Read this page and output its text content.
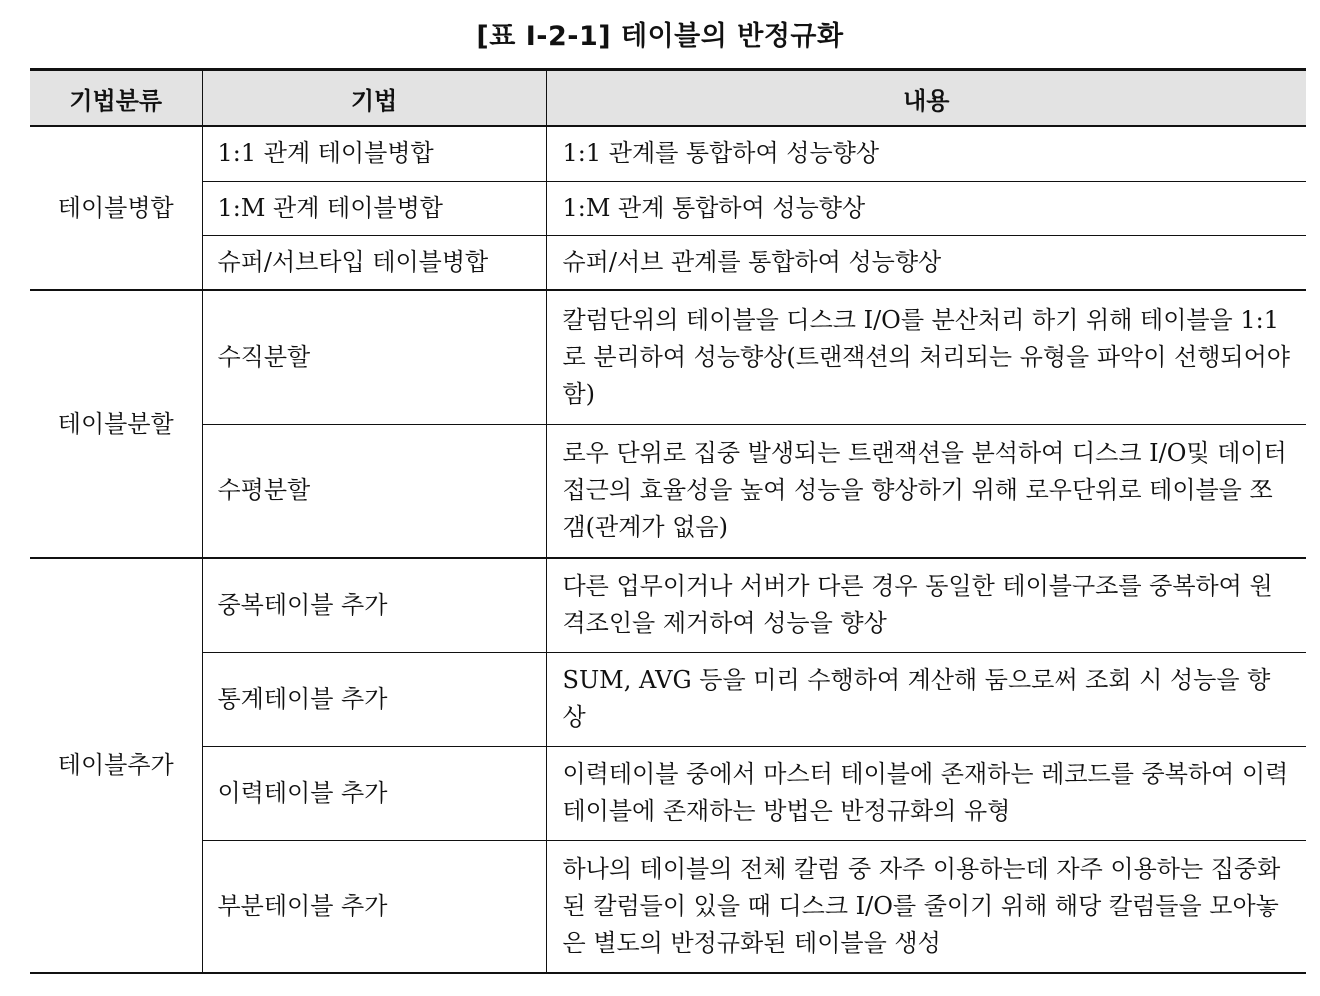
[표 Ⅰ-2-1] 테이블의 반정규화
기법분류	기법	내용
테이블병합	1:1 관계 테이블병합	1:1 관계를 통합하여 성능향상
	1:M 관계 테이블병합	1:M 관계 통합하여 성능향상
	슈퍼/서브타입 테이블병합	슈퍼/서브 관계를 통합하여 성능향상
테이블분할	수직분할	칼럼단위의 테이블을 디스크 I/O를 분산처리 하기 위해 테이블을 1:1로 분리하여 성능향상(트랜잭션의 처리되는 유형을 파악이 선행되어야 함)
	수평분할	로우 단위로 집중 발생되는 트랜잭션을 분석하여 디스크 I/O및 데이터접근의 효율성을 높여 성능을 향상하기 위해 로우단위로 테이블을 쪼갬(관계가 없음)
테이블추가	중복테이블 추가	다른 업무이거나 서버가 다른 경우 동일한 테이블구조를 중복하여 원격조인을 제거하여 성능을 향상
	통계테이블 추가	SUM, AVG 등을 미리 수행하여 계산해 둠으로써 조회 시 성능을 향상
	이력테이블 추가	이력테이블 중에서 마스터 테이블에 존재하는 레코드를 중복하여 이력테이블에 존재하는 방법은 반정규화의 유형
	부분테이블 추가	하나의 테이블의 전체 칼럼 중 자주 이용하는데 자주 이용하는 집중화된 칼럼들이 있을 때 디스크 I/O를 줄이기 위해 해당 칼럼들을 모아놓은 별도의 반정규화된 테이블을 생성
